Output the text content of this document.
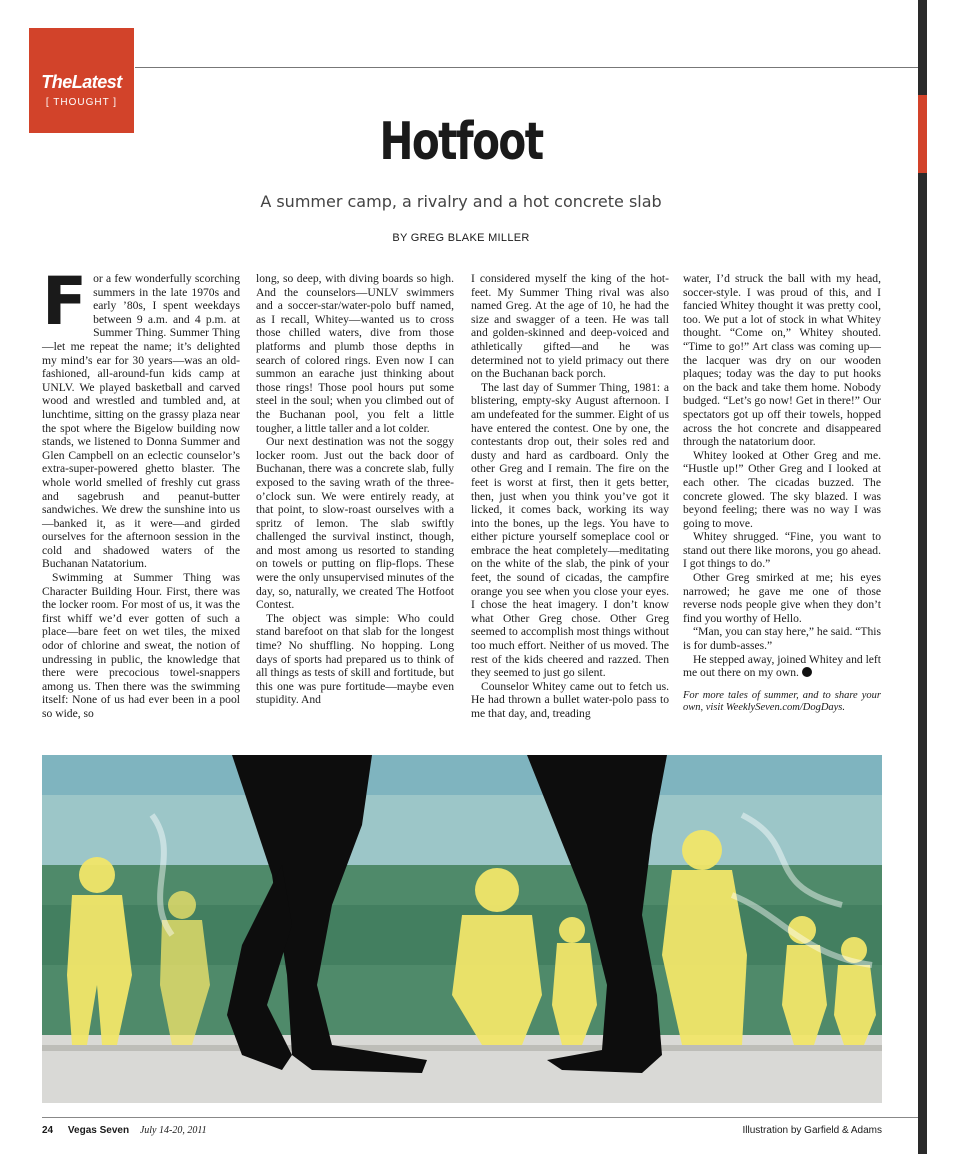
TheLatest
[ THOUGHT ]
Hotfoot
A summer camp, a rivalry and a hot concrete slab
BY GREG BLAKE MILLER

For a few wonderfully scorching summers in the late 1970s and early ’80s, I spent weekdays between 9 a.m. and 4 p.m. at Summer Thing. Summer Thing—let me repeat the name; it’s delighted my mind’s ear for 30 years—was an old-fashioned, all-around-fun kids camp at UNLV. We played basketball and carved wood and wrestled and tumbled and, at lunchtime, sitting on the grassy plaza near the spot where the Bigelow building now stands, we listened to Donna Summer and Glen Campbell on an eclectic counselor’s extra-super-powered ghetto blaster. The whole world smelled of freshly cut grass and sagebrush and peanut-butter sandwiches. We drew the sunshine into us—banked it, as it were—and girded ourselves for the afternoon session in the cold and shadowed waters of the Buchanan Natatorium.

Swimming at Summer Thing was Character Building Hour. First, there was the locker room. For most of us, it was the first whiff we’d ever gotten of such a place—bare feet on wet tiles, the mixed odor of chlorine and sweat, the notion of undressing in public, the knowledge that there were precocious towel-snappers among us. Then there was the swimming itself: None of us had ever been in a pool so wide, so

long, so deep, with diving boards so high. And the counselors—UNLV swimmers and a soccer-star/water-polo buff named, as I recall, Whitey—wanted us to cross those chilled waters, dive from those platforms and plumb those depths in search of colored rings. Even now I can summon an earache just thinking about those rings! Those pool hours put some steel in the soul; when you climbed out of the Buchanan pool, you felt a little tougher, a little taller and a lot colder.

Our next destination was not the soggy locker room. Just out the back door of Buchanan, there was a concrete slab, fully exposed to the saving wrath of the three-o’clock sun. We were entirely ready, at that point, to slow-roast ourselves with a spritz of lemon. The slab swiftly challenged the survival instinct, though, and most among us resorted to standing on towels or putting on flip-flops. These were the only unsupervised minutes of the day, so, naturally, we created The Hotfoot Contest.

The object was simple: Who could stand barefoot on that slab for the longest time? No shuffling. No hopping. Long days of sports had prepared us to think of all things as tests of skill and fortitude, but this one was pure fortitude—maybe even stupidity. And

I considered myself the king of the hot-feet. My Summer Thing rival was also named Greg. At the age of 10, he had the size and swagger of a teen. He was tall and golden-skinned and deep-voiced and athletically gifted—and he was determined not to yield primacy out there on the Buchanan back porch.

The last day of Summer Thing, 1981: a blistering, empty-sky August afternoon. I am undefeated for the summer. Eight of us have entered the contest. One by one, the contestants drop out, their soles red and dusty and hard as cardboard. Only the other Greg and I remain. The fire on the feet is worst at first, then it gets better, then, just when you think you’ve got it licked, it comes back, working its way into the bones, up the legs. You have to either picture yourself someplace cool or embrace the heat completely—meditating on the white of the slab, the pink of your feet, the sound of cicadas, the campfire orange you see when you close your eyes. I chose the heat imagery. I don’t know what Other Greg chose. Other Greg seemed to accomplish most things without too much effort. Neither of us moved. The rest of the kids cheered and razzed. Then they seemed to just go silent.

Counselor Whitey came out to fetch us. He had thrown a bullet water-polo pass to me that day, and, treading

water, I’d struck the ball with my head, soccer-style. I was proud of this, and I fancied Whitey thought it was pretty cool, too. We put a lot of stock in what Whitey thought. “Come on,” Whitey shouted. “Time to go!” Art class was coming up—the lacquer was dry on our wooden plaques; today was the day to put hooks on the back and take them home. Nobody budged. “Let’s go now! Get in there!” Our spectators got up off their towels, hopped across the hot concrete and disappeared through the natatorium door.

Whitey looked at Other Greg and me. “Hustle up!” Other Greg and I looked at each other. The cicadas buzzed. The concrete glowed. The sky blazed. I was beyond feeling; there was no way I was going to move.

Whitey shrugged. “Fine, you want to stand out there like morons, you go ahead. I got things to do.”

Other Greg smirked at me; his eyes narrowed; he gave me one of those reverse nods people give when they don’t find you worthy of Hello.

“Man, you can stay here,” he said. “This is for dumb-asses.”

He stepped away, joined Whitey and left me out there on my own.

For more tales of summer, and to share your own, visit WeeklySeven.com/DogDays.

24 Vegas Seven July 14-20, 2011	Illustration by Garfield & Adams
